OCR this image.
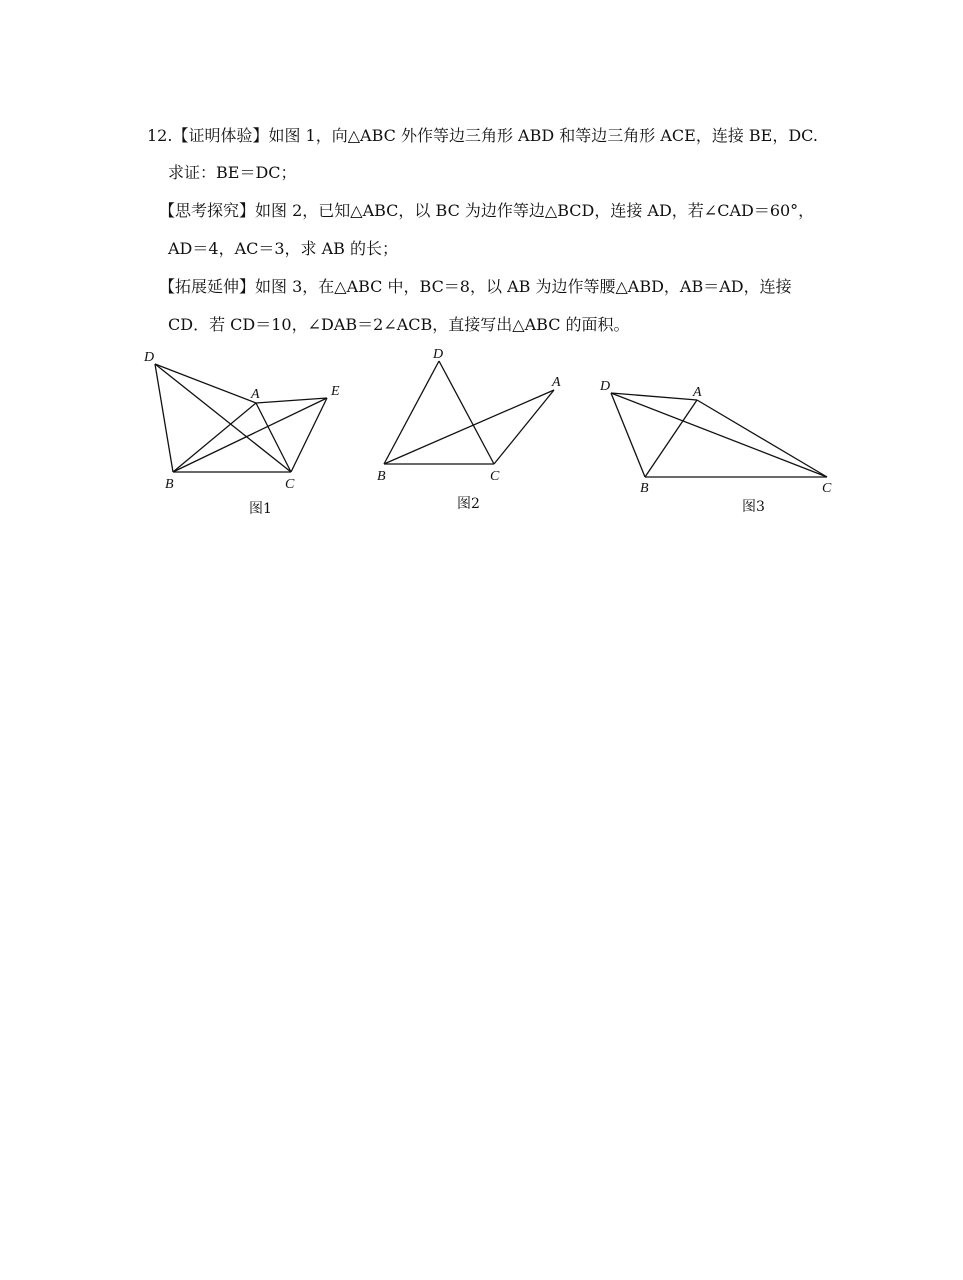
12.【证明体验】如图 1，向△ABC 外作等边三角形 ABD 和等边三角形 ACE，连接 BE，DC.
求证：BE＝DC；
【思考探究】如图 2，已知△ABC，以 BC 为边作等边△BCD，连接 AD，若∠CAD＝60°，
AD＝4，AC＝3，求 AB 的长；
【拓展延伸】如图 3，在△ABC 中，BC＝8，以 AB 为边作等腰△ABD，AB＝AD，连接
CD．若 CD＝10，∠DAB＝2∠ACB，直接写出△ABC 的面积。
D
A	E
B	C
图1
D
A
B	C
图2
D	A
B	C
图3
